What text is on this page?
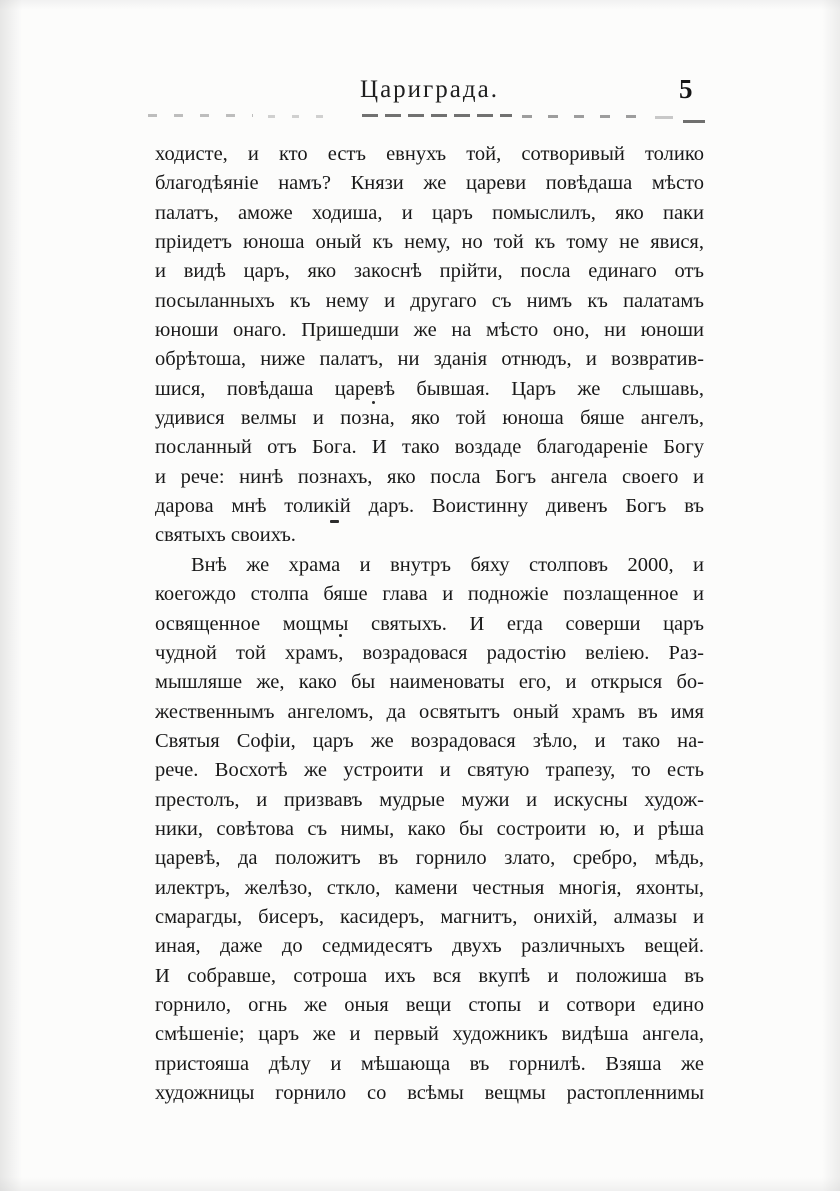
Цариграда.	5
ходисте, и кто естъ евнухъ той, сотворивый толико
благодѣяніе намъ? Князи же цареви повѣдаша мѣсто
палатъ, аможе ходиша, и царъ помыслилъ, яко паки
пріидетъ юноша оный къ нему, но той къ тому не явися,
и видѣ царъ, яко закоснѣ прійти, посла единаго отъ
посыланныхъ къ нему и другаго съ нимъ къ палатамъ
юноши онаго. Пришедши же на мѣсто оно, ни юноши
обрѣтоша, ниже палатъ, ни зданія отнюдъ, и возвратив-
шися, повѣдаша царевѣ бывшая. Царъ же слышавь,
удивися велмы и позна, яко той юноша бяше ангелъ,
посланный отъ Бога. И тако воздаде благодареніе Богу
и рече: нинѣ познахъ, яко посла Богъ ангела своего и
дарова мнѣ толикій даръ. Воистинну дивенъ Богъ въ
святыхъ своихъ.
Внѣ же храма и внутръ бяху столповъ 2000, и
коегождо столпа бяше глава и подножіе позлащенное и
освященное мощмы святыхъ. И егда соверши царъ
чудной той храмъ, возрадовася радостію веліею. Раз-
мышляше же, како бы наименоваты его, и открыся бо-
жественнымъ ангеломъ, да освятытъ оный храмъ въ имя
Святыя Софіи, царъ же возрадовася зѣло, и тако на-
рече. Восхотѣ же устроити и святую трапезу, то есть
престолъ, и призвавъ мудрые мужи и искусны худож-
ники, совѣтова съ нимы, како бы состроити ю, и рѣша
царевѣ, да положитъ въ горнило злато, сребро, мѣдь,
илектръ, желѣзо, сткло, камени честныя многія, яхонты,
смарагды, бисеръ, касидеръ, магнитъ, онихій, алмазы и
иная, даже до седмидесятъ двухъ различныхъ вещей.
И собравше, сотроша ихъ вся вкупѣ и положиша въ
горнило, огнь же оныя вещи стопы и сотвори едино
смѣшеніе; царъ же и первый художникъ видѣша ангела,
пристояша дѣлу и мѣшающа въ горнилѣ. Взяша же
художницы горнило со всѣмы вещмы растопленнимы
